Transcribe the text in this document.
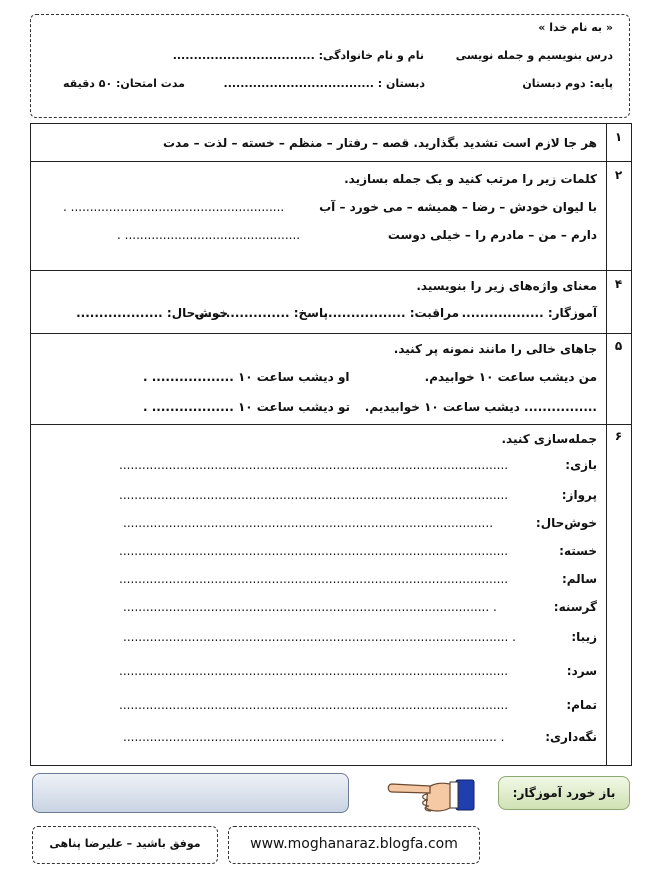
« به نام خدا »
درس بنویسیم و جمله نویسی
نام و نام خانوادگی: ..................................
پایه: دوم دبستان
دبستان : ....................................
مدت امتحان: ۵۰ دقیقه
۱
هر جا لازم است تشدید بگذارید. قصه – رفتار – منظم – خسته – لذت – مدت
۲
کلمات زیر را مرتب کنید و یک جمله بسازید.
با لیوان خودش – رضا – همیشه – می خورد – آب
........................................................ .
دارم – من – مادرم را – خیلی دوست
.............................................. .
۴
معنای واژه‌های زیر را بنویسید.
آموزگار: ..................
مراقبت: ...................
پاسخ: .....................
خوش‌حال: ...................
۵
جاهای خالی را مانند نمونه پر کنید.
من دیشب ساعت ۱۰ خوابیدم.
او دیشب ساعت ۱۰ .................. .
................ دیشب ساعت ۱۰ خوابیدیم.
تو دیشب ساعت ۱۰ .................. .
۶
جمله‌سازی کنید.
بازی:
......................................................................................................
پرواز:
......................................................................................................
خوش‌حال:
.................................................................................................
خسته:
......................................................................................................
سالم:
......................................................................................................
گرسنه:
. ................................................................................................
زیبا:
. .....................................................................................................
سرد:
......................................................................................................
تمام:
......................................................................................................
نگه‌داری:
. ..................................................................................................
باز خورد آموزگار:
www.moghanaraz.blogfa.com
موفق باشید – علیرضا پناهی
